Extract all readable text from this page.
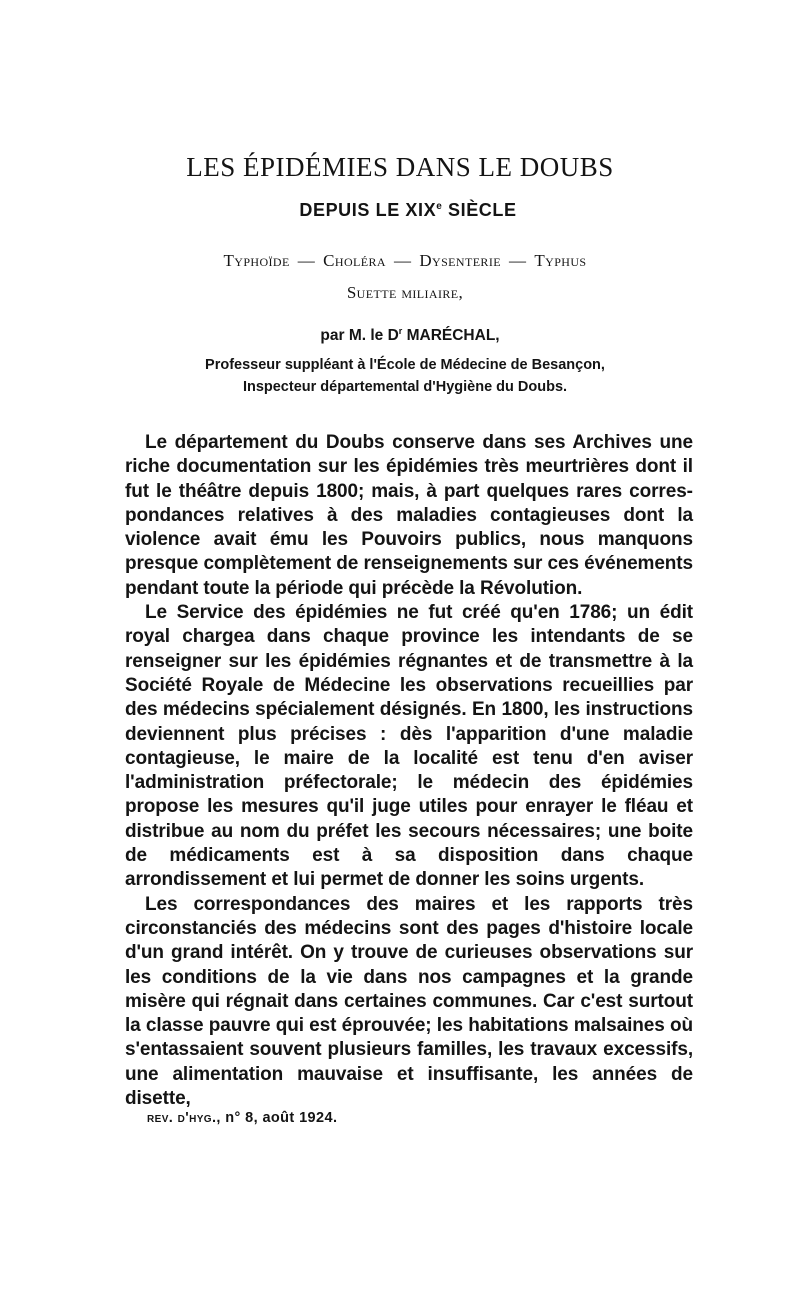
LES ÉPIDÉMIES DANS LE DOUBS
DEPUIS LE XIXe SIÈCLE
Typhoïde — Choléra — Dysenterie — Typhus
Suette miliaire,
par M. le $D^r$ MARÉCHAL,
Professeur suppléant à l'École de Médecine de Besançon,
Inspecteur départemental d'Hygiène du Doubs.

Le département du Doubs conserve dans ses Archives une riche documentation sur les épidémies très meurtrières dont il fut le théâtre depuis 1800; mais, à part quelques rares correspondances relatives à des maladies contagieuses dont la violence avait ému les Pouvoirs publics, nous manquons presque complètement de renseignements sur ces événements pendant toute la période qui précède la Révolution.

Le Service des épidémies ne fut créé qu'en 1786; un édit royal chargea dans chaque province les intendants de se renseigner sur les épidémies régnantes et de transmettre à la Société Royale de Médecine les observations recueillies par des médecins spécialement désignés. En 1800, les instructions deviennent plus précises : dès l'apparition d'une maladie contagieuse, le maire de la localité est tenu d'en aviser l'administration préfectorale; le médecin des épidémies propose les mesures qu'il juge utiles pour enrayer le fléau et distribue au nom du préfet les secours nécessaires; une boite de médicaments est à sa disposition dans chaque arrondissement et lui permet de donner les soins urgents.

Les correspondances des maires et les rapports très circonstanciés des médecins sont des pages d'histoire locale d'un grand intérêt. On y trouve de curieuses observations sur les conditions de la vie dans nos campagnes et la grande misère qui régnait dans certaines communes. Car c'est surtout la classe pauvre qui est éprouvée; les habitations malsaines où s'entassaient souvent plusieurs familles, les travaux excessifs, une alimentation mauvaise et insuffisante, les années de disette,

rev. d'hyg., n° 8, août 1924.
